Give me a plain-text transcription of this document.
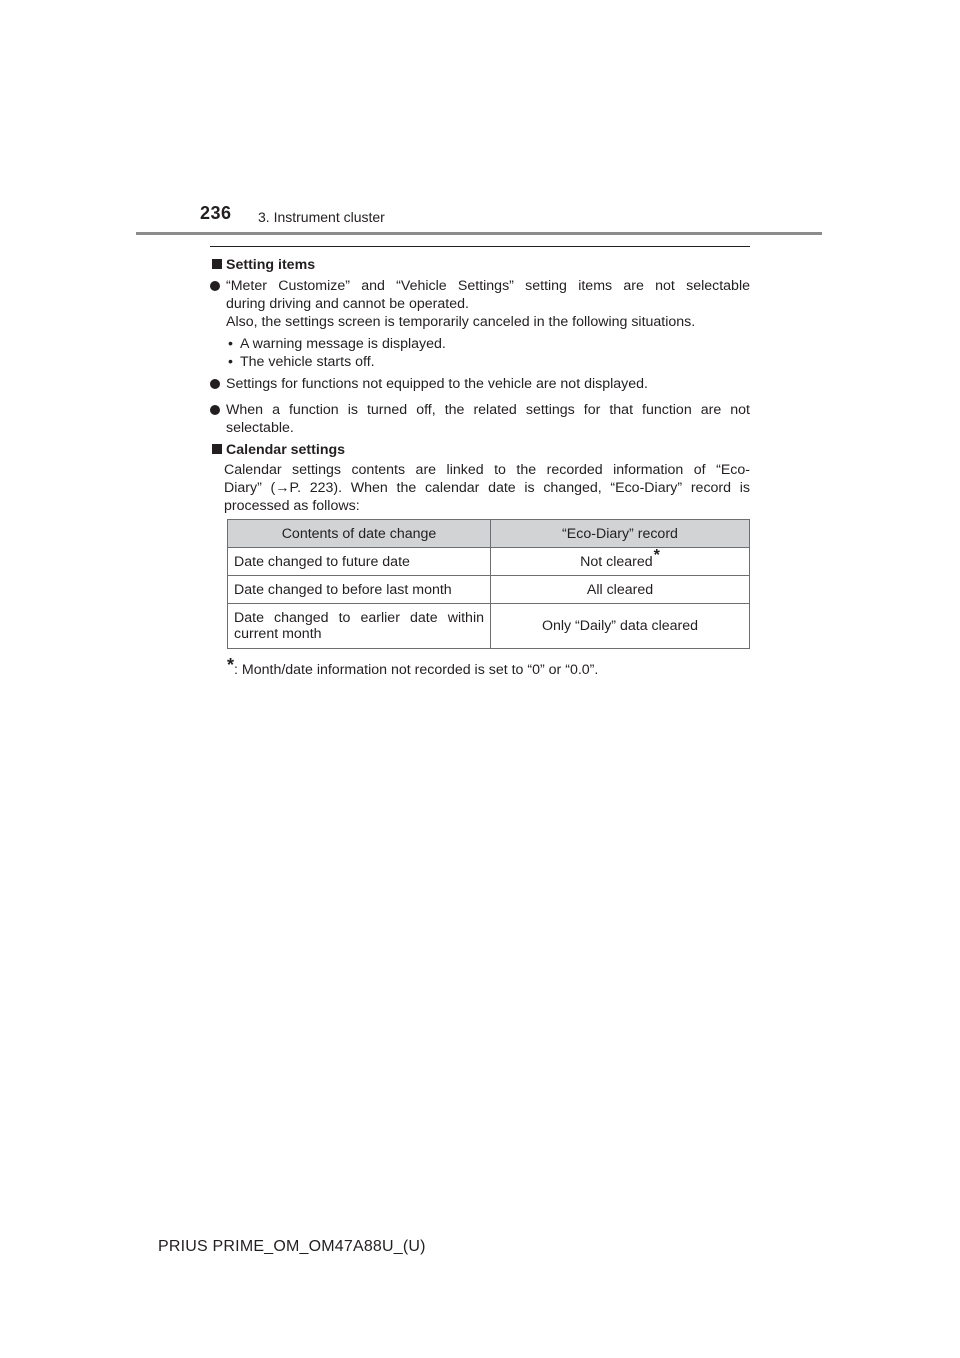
236 3. Instrument cluster
Setting items
“Meter Customize” and “Vehicle Settings” setting items are not selectable
during driving and cannot be operated.
Also, the settings screen is temporarily canceled in the following situations.
• A warning message is displayed.
• The vehicle starts off.
Settings for functions not equipped to the vehicle are not displayed.
When a function is turned off, the related settings for that function are not
selectable.
Calendar settings
Calendar settings contents are linked to the recorded information of “Eco-
Diary” (→P. 223). When the calendar date is changed, “Eco-Diary” record is
processed as follows:
Contents of date change	“Eco-Diary” record
Date changed to future date	Not cleared*
Date changed to before last month	All cleared

Date changed to earlier date within
current month	Only “Daily” data cleared
*: Month/date information not recorded is set to “0” or “0.0”.
PRIUS PRIME_OM_OM47A88U_(U)
